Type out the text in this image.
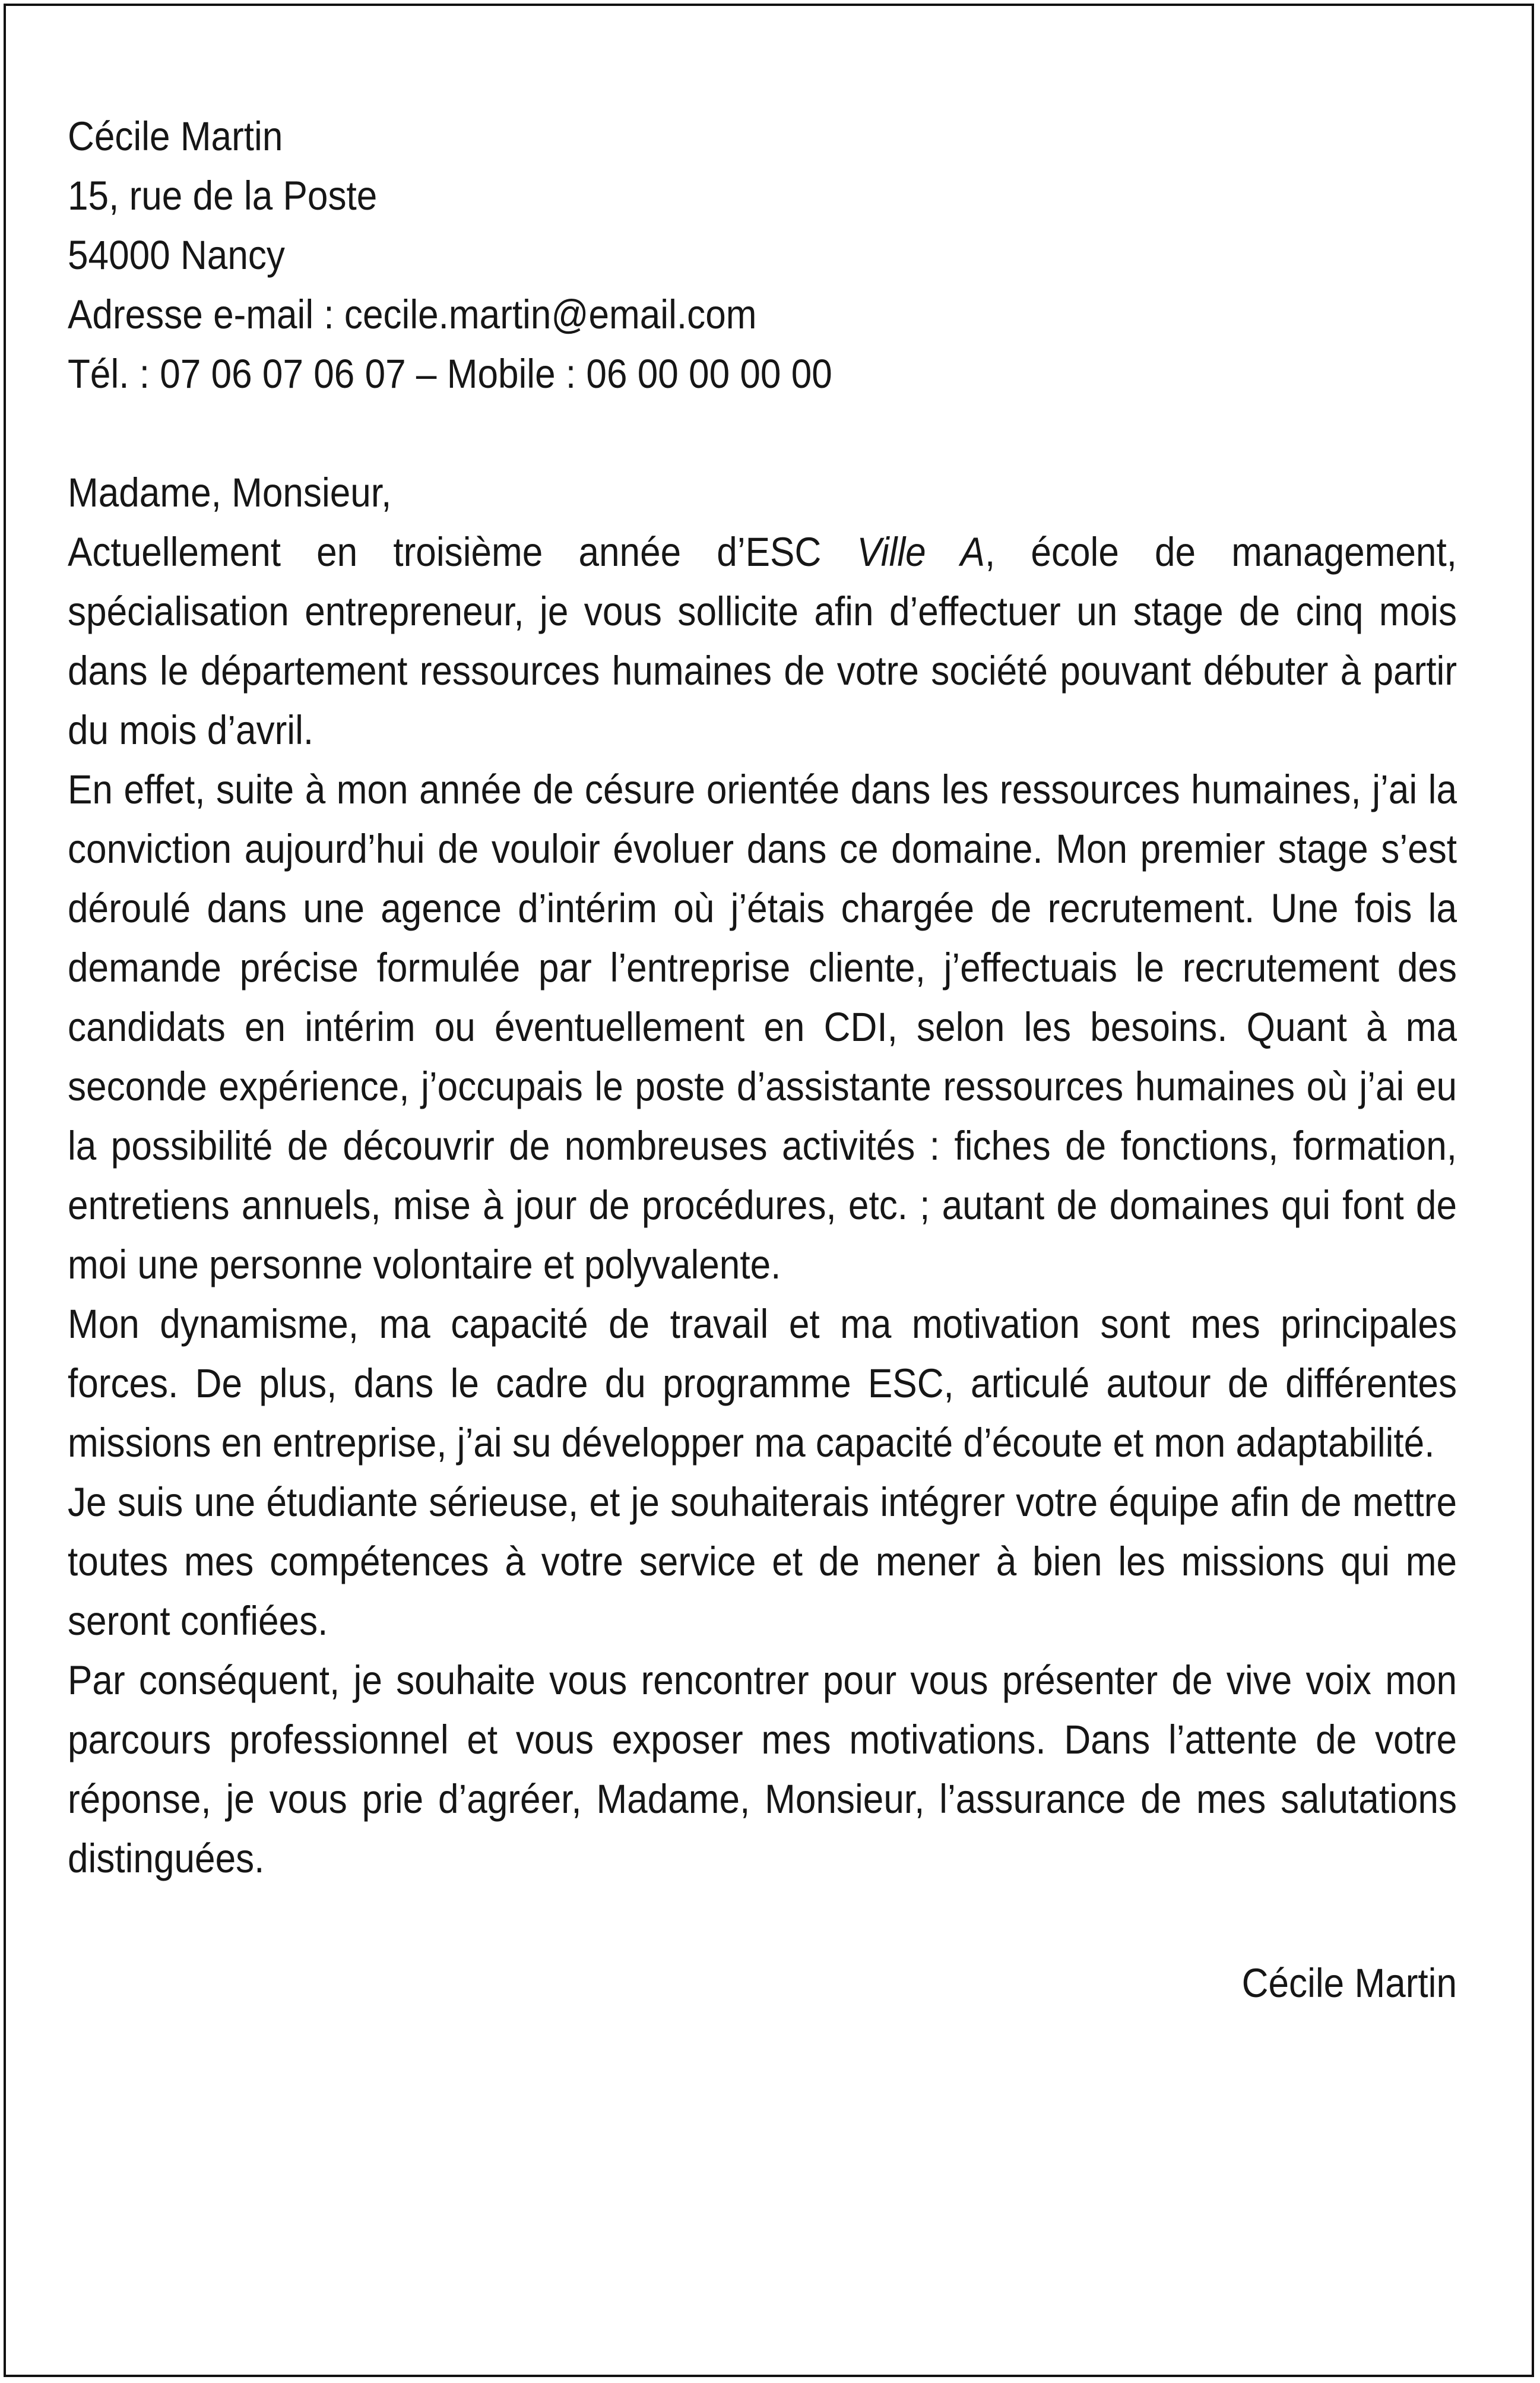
Cécile Martin

15, rue de la Poste

54000 Nancy

Adresse e-mail : cecile.martin@email.com

Tél. : 07 06 07 06 07 – Mobile : 06 00 00 00 00

Madame, Monsieur,

Actuellement en troisième année d’ESC Ville A, école de management, spécialisation entrepreneur, je vous sollicite afin d’effectuer un stage de cinq mois dans le département ressources humaines de votre société pouvant débuter à partir du mois d’avril.

En effet, suite à mon année de césure orientée dans les ressources humaines, j’ai la conviction aujourd’hui de vouloir évoluer dans ce domaine. Mon premier stage s’est déroulé dans une agence d’intérim où j’étais chargée de recrutement. Une fois la demande précise formulée par l’entreprise cliente, j’effectuais le recrutement des candidats en intérim ou éventuellement en CDI, selon les besoins. Quant à ma seconde expérience, j’occupais le poste d’assistante ressources humaines où j’ai eu la possibilité de découvrir de nombreuses activités : fiches de fonctions, formation, entretiens annuels, mise à jour de procédures, etc. ; autant de domaines qui font de moi une personne volontaire et polyvalente.

Mon dynamisme, ma capacité de travail et ma motivation sont mes principales forces. De plus, dans le cadre du programme ESC, articulé autour de différentes missions en entreprise, j’ai su développer ma capacité d’écoute et mon adaptabilité.

Je suis une étudiante sérieuse, et je souhaiterais intégrer votre équipe afin de mettre toutes mes compétences à votre service et de mener à bien les missions qui me seront confiées.

Par conséquent, je souhaite vous rencontrer pour vous présenter de vive voix mon parcours professionnel et vous exposer mes motivations. Dans l’attente de votre réponse, je vous prie d’agréer, Madame, Monsieur, l’assurance de mes salutations distinguées.

Cécile Martin
